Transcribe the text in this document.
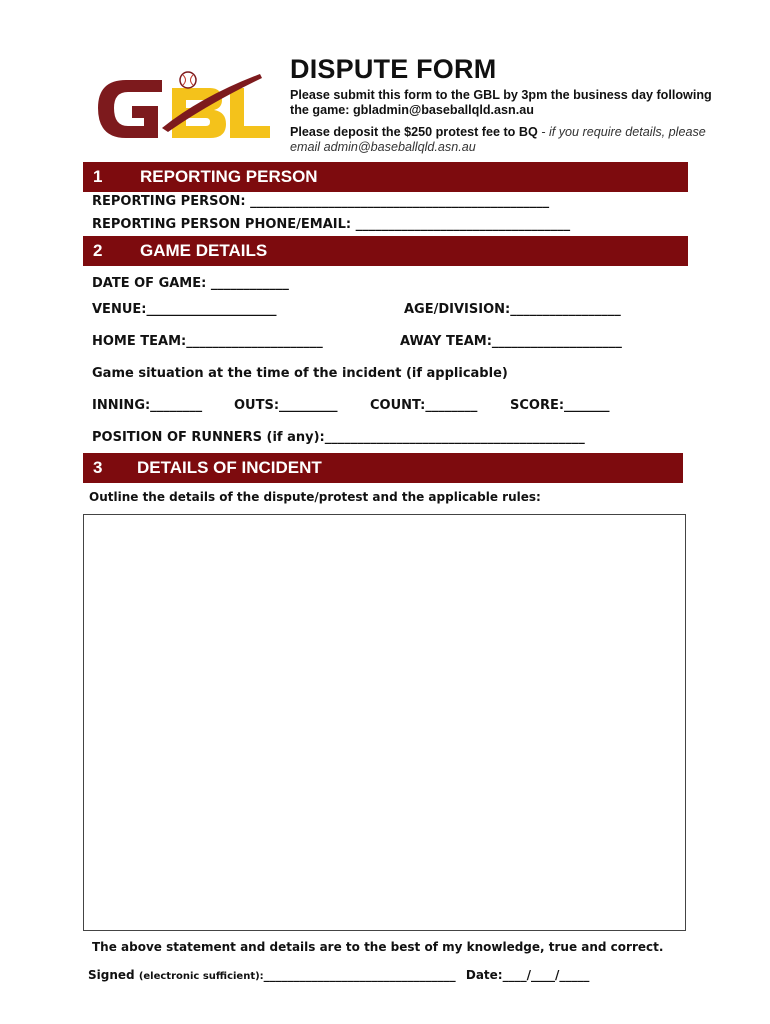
DISPUTE FORM
Please submit this form to the GBL by 3pm the business day following the game: gbladmin@baseballqld.asn.au
Please deposit the $250 protest fee to BQ - if you require details, please email admin@baseballqld.asn.au
1 REPORTING PERSON
REPORTING PERSON: ______________________________________________
REPORTING PERSON PHONE/EMAIL: _________________________________
2 GAME DETAILS
DATE OF GAME: ____________
VENUE:____________________	AGE/DIVISION:_________________
HOME TEAM:_____________________	AWAY TEAM:____________________
Game situation at the time of the incident (if applicable)
INNING:________ OUTS:_________ COUNT:________	SCORE:_______
POSITION OF RUNNERS (if any):________________________________________
3 DETAILS OF INCIDENT
Outline the details of the dispute/protest and the applicable rules:
The above statement and details are to the best of my knowledge, true and correct.
Signed (electronic sufficient):________________________________ Date:____/____/_____
